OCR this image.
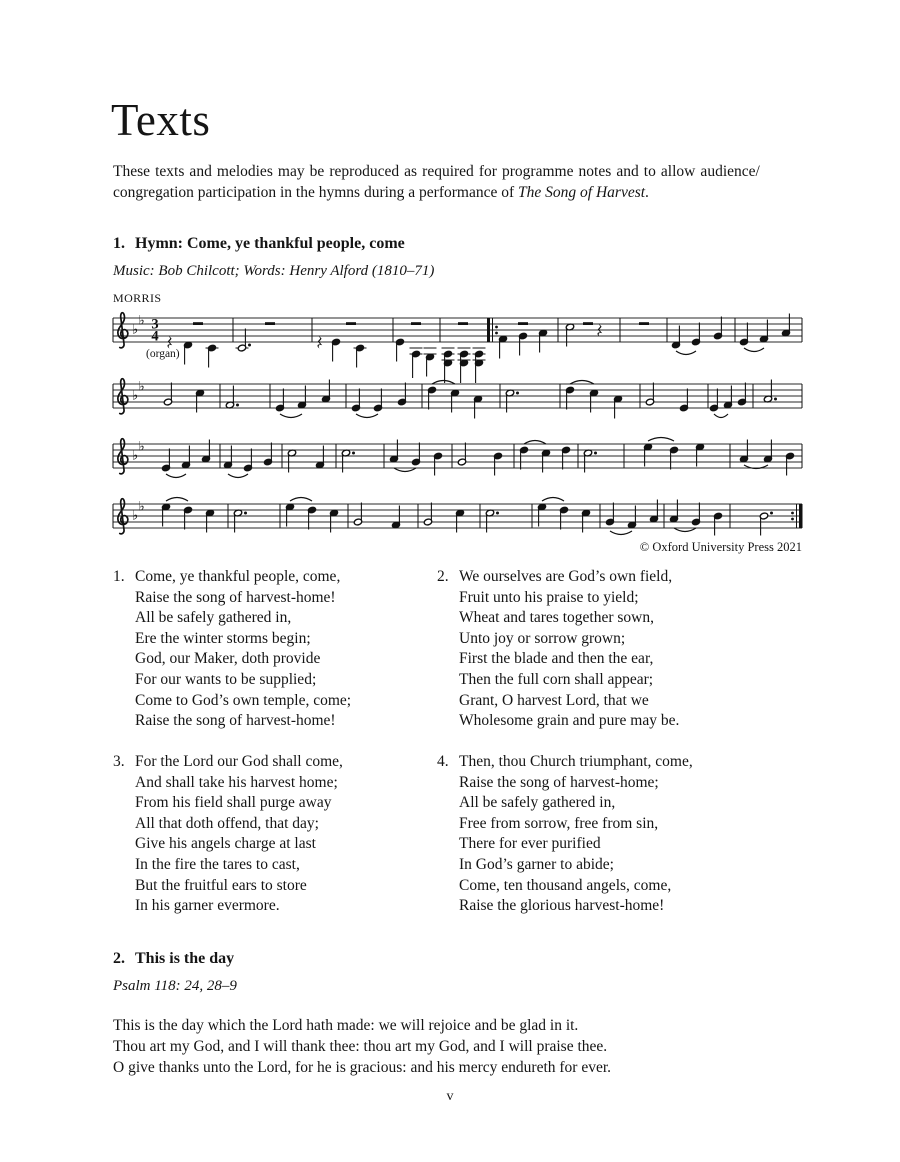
Texts
These texts and melodies may be reproduced as required for programme notes and to allow audience/
congregation participation in the hymns during a performance of The Song of Harvest.
1. Hymn: Come, ye thankful people, come
Music: Bob Chilcott; Words: Henry Alford (1810–71)
MORRIS
♭
♭ 3
4
♭
♭
♭
♭
♭
♭
(organ)
© Oxford University Press 2021
1. Come, ye thankful people, come,
Raise the song of harvest-home!
All be safely gathered in,
Ere the winter storms begin;
God, our Maker, doth provide
For our wants to be supplied;
Come to God’s own temple, come;
Raise the song of harvest-home!
2. We ourselves are God’s own field,
Fruit unto his praise to yield;
Wheat and tares together sown,
Unto joy or sorrow grown;
First the blade and then the ear,
Then the full corn shall appear;
Grant, O harvest Lord, that we
Wholesome grain and pure may be.
3. For the Lord our God shall come,
And shall take his harvest home;
From his field shall purge away
All that doth offend, that day;
Give his angels charge at last
In the fire the tares to cast,
But the fruitful ears to store
In his garner evermore.
4. Then, thou Church triumphant, come,
Raise the song of harvest-home;
All be safely gathered in,
Free from sorrow, free from sin,
There for ever purified
In God’s garner to abide;
Come, ten thousand angels, come,
Raise the glorious harvest-home!
2. This is the day
Psalm 118: 24, 28–9
This is the day which the Lord hath made: we will rejoice and be glad in it.
Thou art my God, and I will thank thee: thou art my God, and I will praise thee.
O give thanks unto the Lord, for he is gracious: and his mercy endureth for ever.
v
